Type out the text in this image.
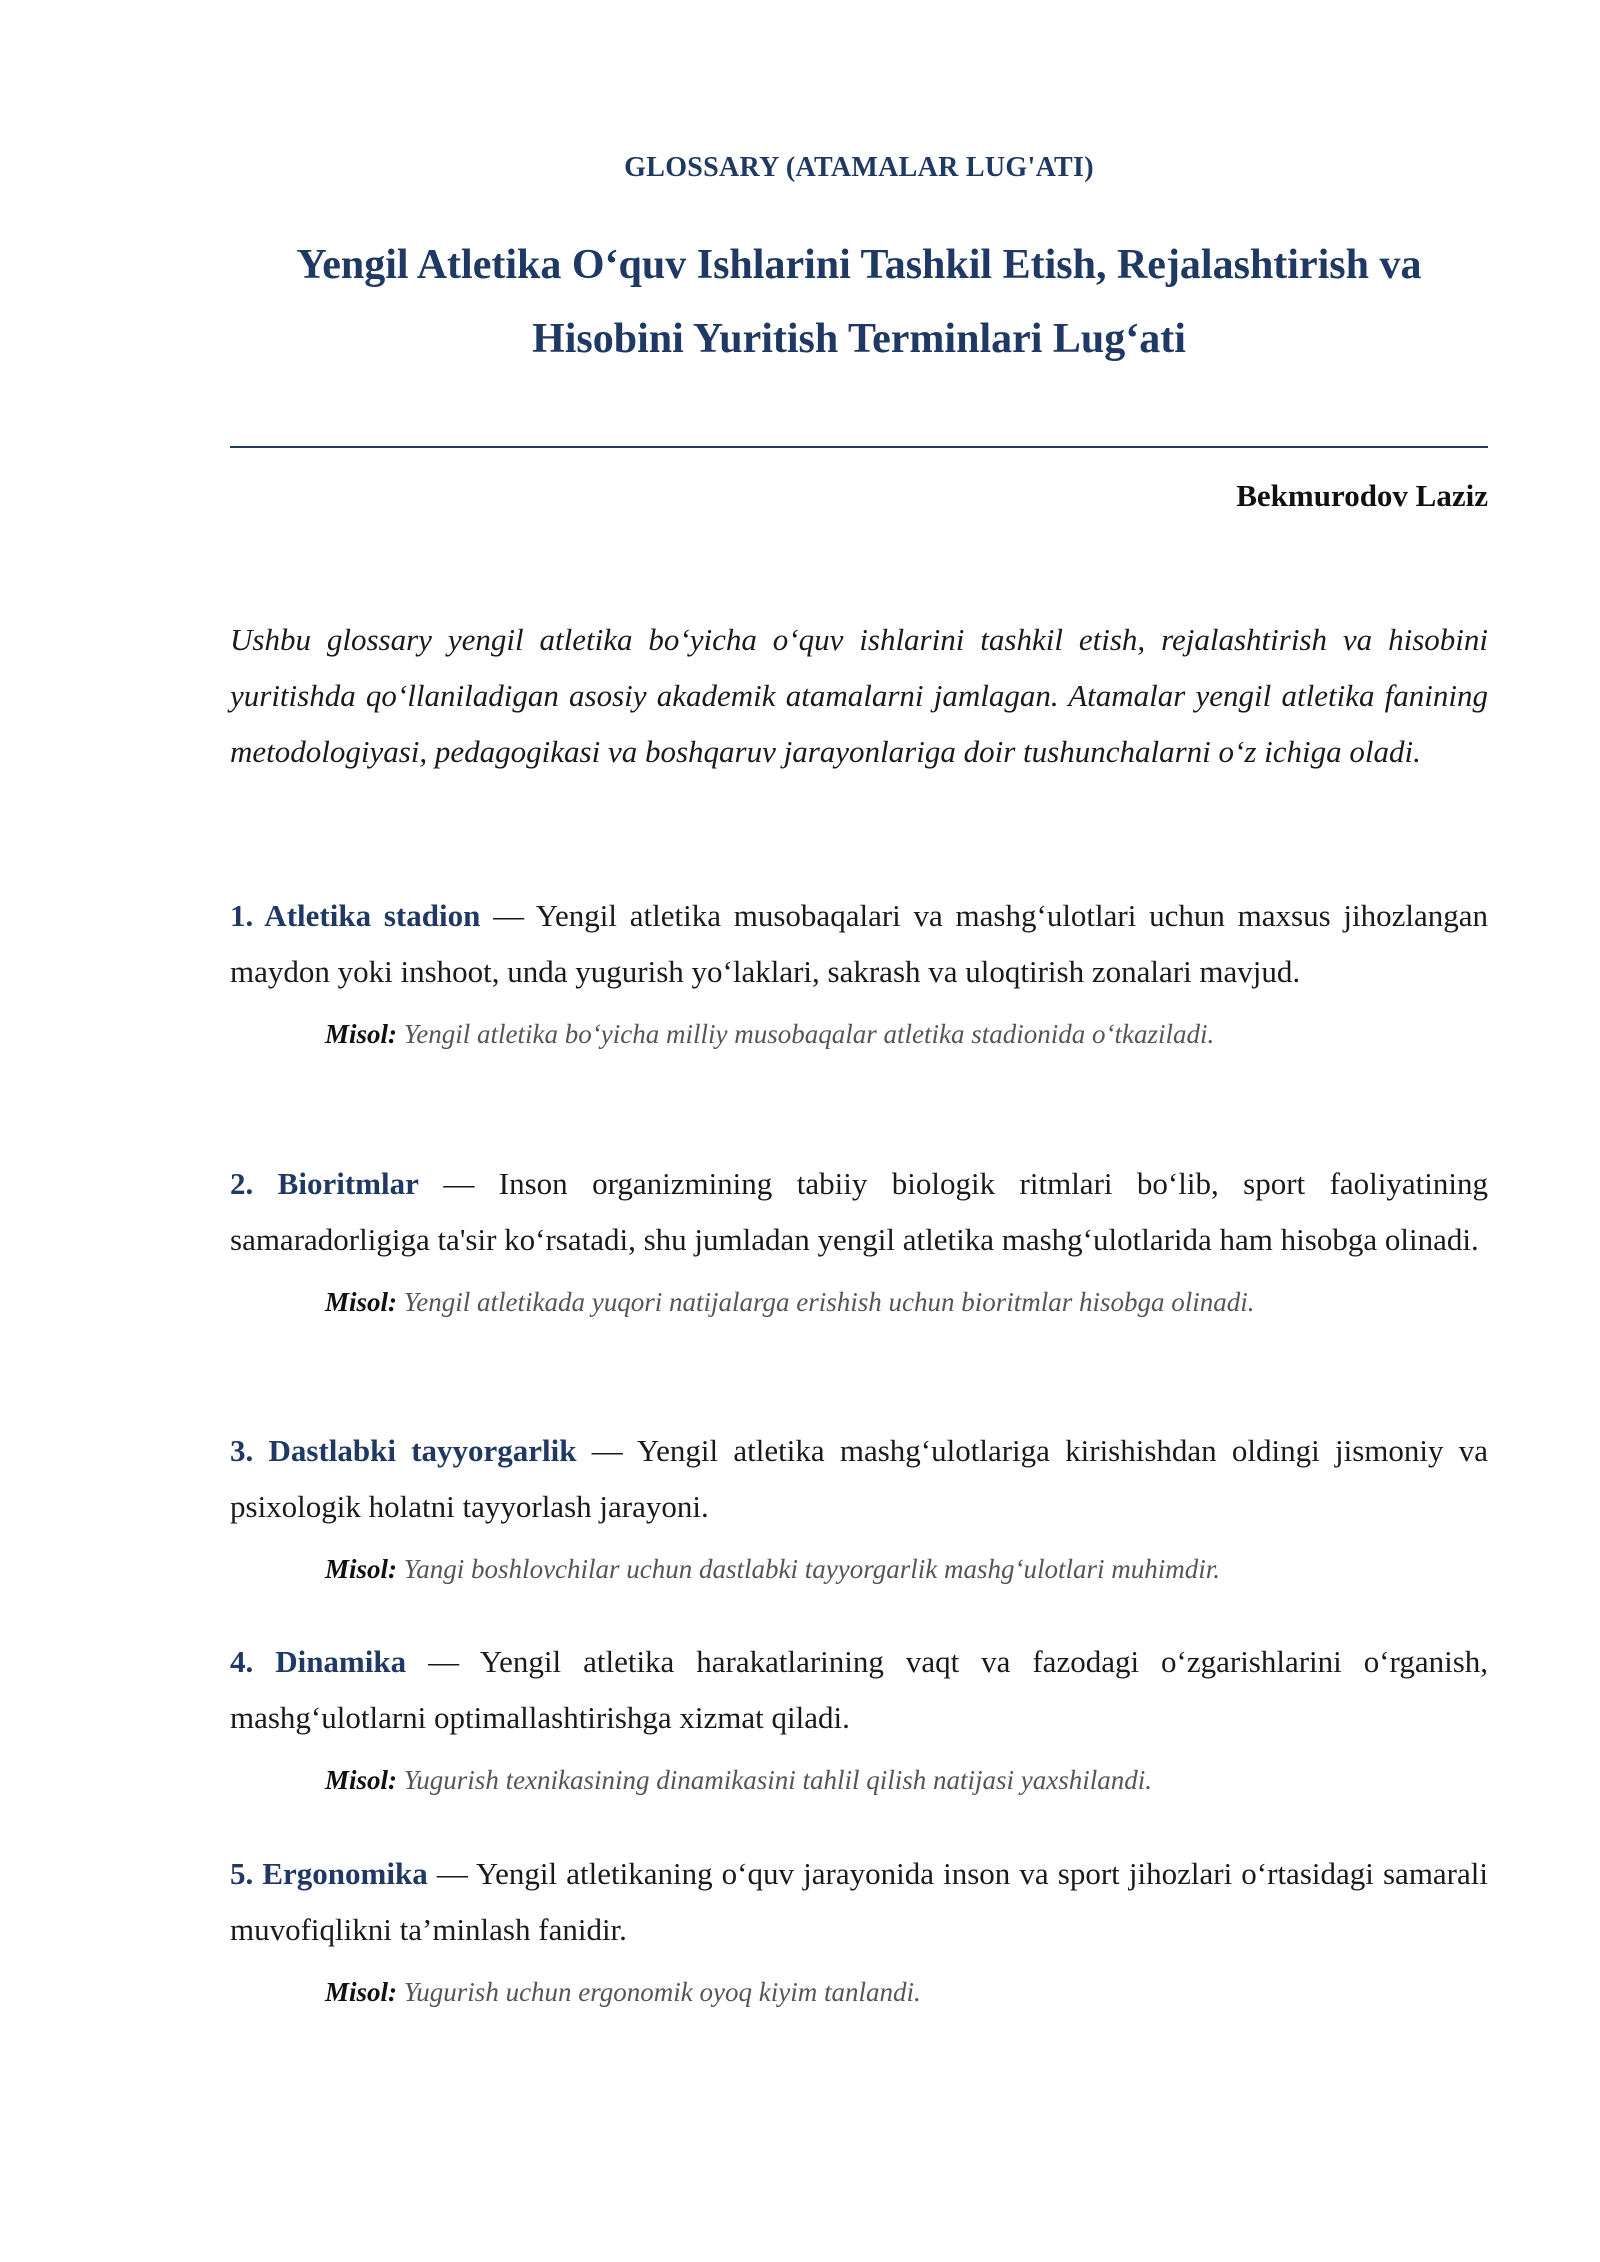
GLOSSARY (ATAMALAR LUG'ATI)
Yengil Atletika O‘quv Ishlarini Tashkil Etish, Rejalashtirish va Hisobini Yuritish Terminlari Lug‘ati
Bekmurodov Laziz

Ushbu glossary yengil atletika bo‘yicha o‘quv ishlarini tashkil etish, rejalashtirish va hisobini yuritishda qo‘llaniladigan asosiy akademik atamalarni jamlagan. Atamalar yengil atletika fanining metodologiyasi, pedagogikasi va boshqaruv jarayonlariga doir tushunchalarni o‘z ichiga oladi.

1. Atletika stadion — Yengil atletika musobaqalari va mashg‘ulotlari uchun maxsus jihozlangan maydon yoki inshoot, unda yugurish yo‘laklari, sakrash va uloqtirish zonalari mavjud.

Misol: Yengil atletika bo‘yicha milliy musobaqalar atletika stadionida o‘tkaziladi.

2. Bioritmlar — Inson organizmining tabiiy biologik ritmlari bo‘lib, sport faoliyatining samaradorligiga ta'sir ko‘rsatadi, shu jumladan yengil atletika mashg‘ulotlarida ham hisobga olinadi.

Misol: Yengil atletikada yuqori natijalarga erishish uchun bioritmlar hisobga olinadi.

3. Dastlabki tayyorgarlik — Yengil atletika mashg‘ulotlariga kirishishdan oldingi jismoniy va psixologik holatni tayyorlash jarayoni.

Misol: Yangi boshlovchilar uchun dastlabki tayyorgarlik mashg‘ulotlari muhimdir.

4. Dinamika — Yengil atletika harakatlarining vaqt va fazodagi o‘zgarishlarini o‘rganish, mashg‘ulotlarni optimallashtirishga xizmat qiladi.

Misol: Yugurish texnikasining dinamikasini tahlil qilish natijasi yaxshilandi.

5. Ergonomika — Yengil atletikaning o‘quv jarayonida inson va sport jihozlari o‘rtasidagi samarali muvofiqlikni ta’minlash fanidir.

Misol: Yugurish uchun ergonomik oyoq kiyim tanlandi.
